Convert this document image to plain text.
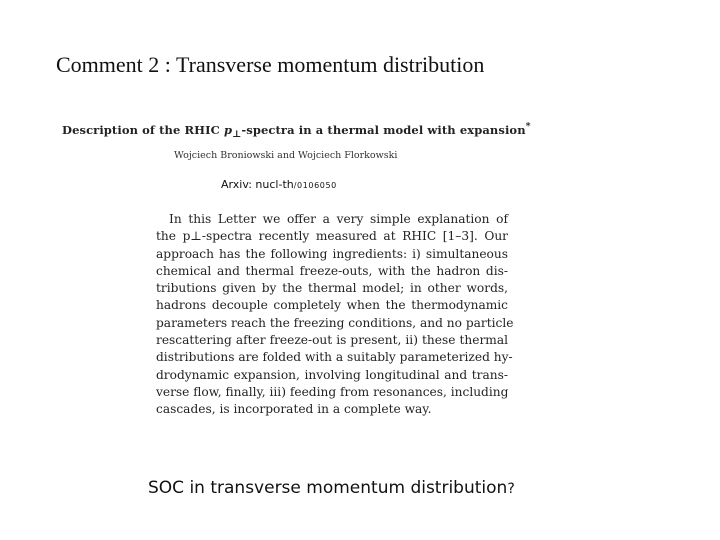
Comment 2 : Transverse momentum distribution
Description of the RHIC $p_\perp$-spectra in a thermal model with expansion*
Wojciech Broniowski and Wojciech Florkowski
Arxiv: nucl-th/0106050
In this Letter we offer a very simple explanation of
the p⊥-spectra recently measured at RHIC [1–3]. Our
approach has the following ingredients: i) simultaneous
chemical and thermal freeze-outs, with the hadron dis-
tributions given by the thermal model; in other words,
hadrons decouple completely when the thermodynamic
parameters reach the freezing conditions, and no particle
rescattering after freeze-out is present, ii) these thermal
distributions are folded with a suitably parameterized hy-
drodynamic expansion, involving longitudinal and trans-
verse flow, finally, iii) feeding from resonances, including
cascades, is incorporated in a complete way.
SOC in transverse momentum distribution?
